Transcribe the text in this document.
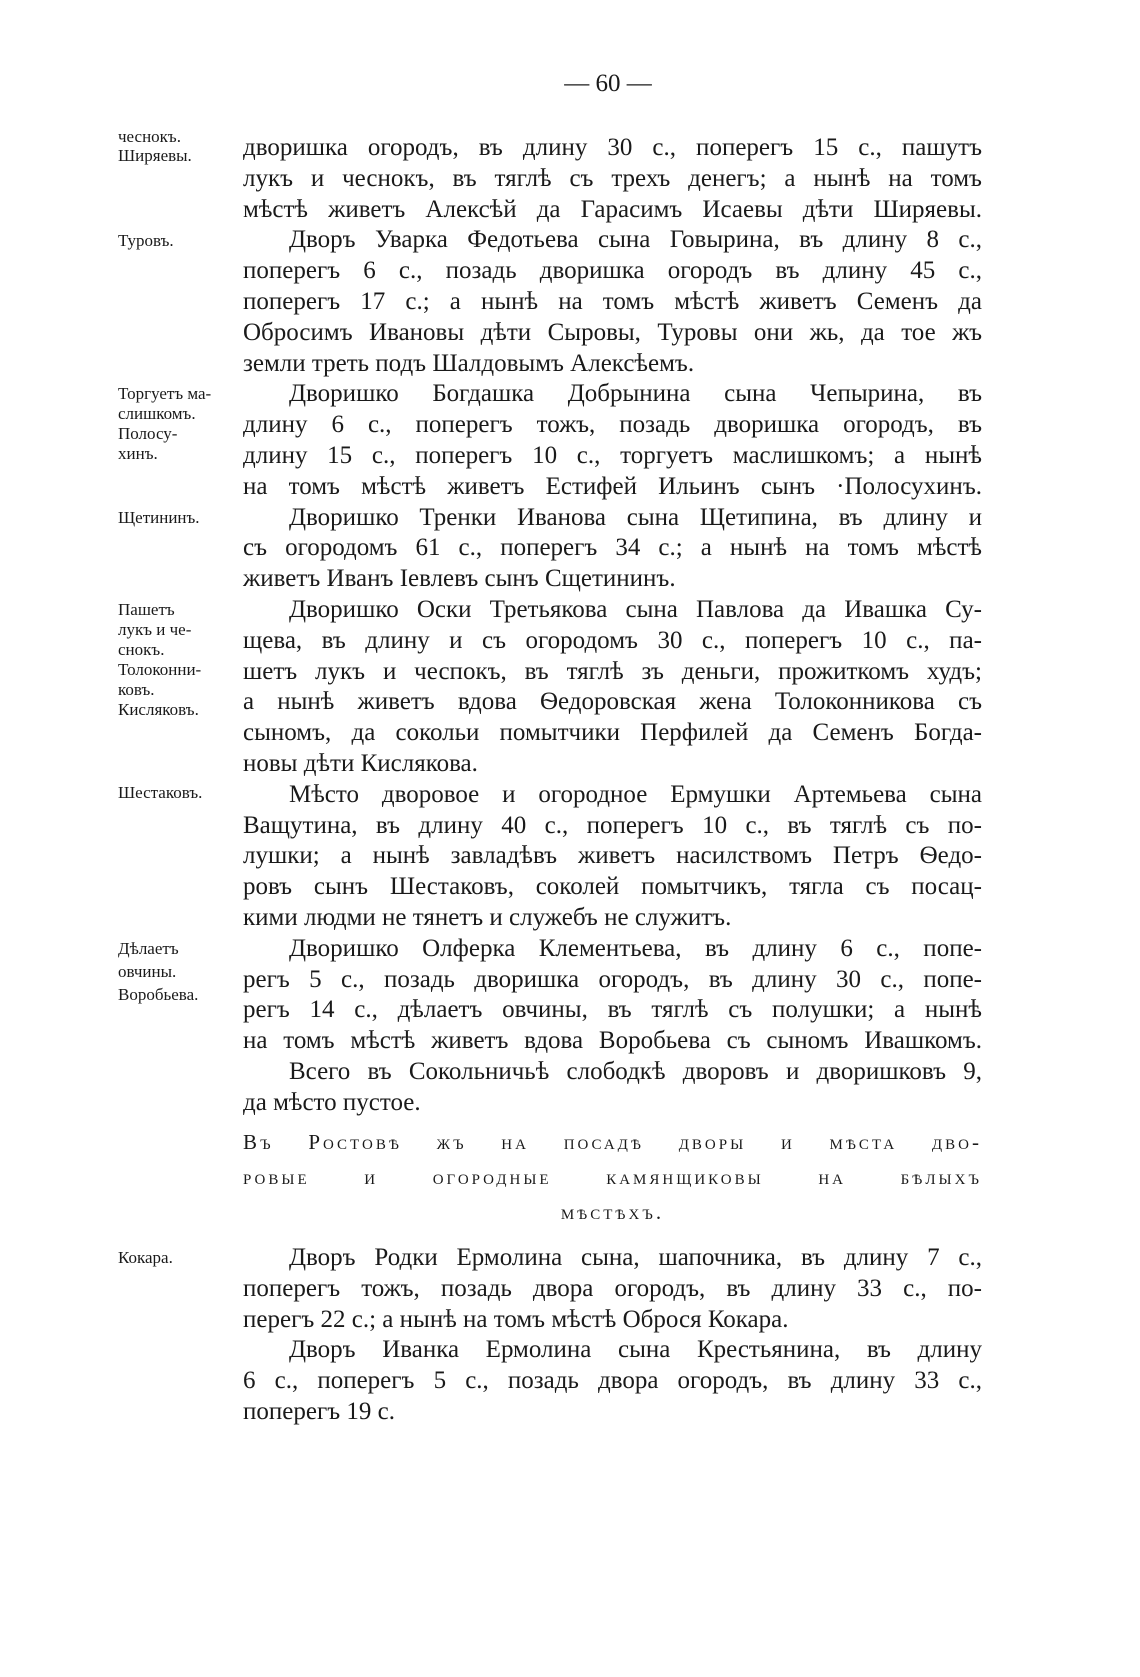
— 60 —
дворишка огородъ, въ длину 30 с., поперегъ 15 с., пашутъ
лукъ и чеснокъ, въ тяглѣ съ трехъ денегъ; а нынѣ на томъ
мѣстѣ живетъ Алексѣй да Гарасимъ Исаевы дѣти Ширяевы.
Дворъ Уварка Федотьева сына Говырина, въ длину 8 с.,
поперегъ 6 с., позадь дворишка огородъ въ длину 45 с.,
поперегъ 17 с.; а нынѣ на томъ мѣстѣ живетъ Семенъ да
Обросимъ Ивановы дѣти Сыровы, Туровы они жь, да тое жъ
земли треть подъ Шалдовымъ Алексѣемъ.
Дворишко Богдашка Добрынина сына Чепырина, въ
длину 6 с., поперегъ тожъ, позадь дворишка огородъ, въ
длину 15 с., поперегъ 10 с., торгуетъ маслишкомъ; а нынѣ
на томъ мѣстѣ живетъ Естифей Ильинъ сынъ ·Полосухинъ.
Дворишко Тренки Иванова сына Щетипина, въ длину и
съ огородомъ 61 с., поперегъ 34 с.; а нынѣ на томъ мѣстѣ
живетъ Иванъ Іевлевъ сынъ Сщетининъ.
Дворишко Оски Третьякова сына Павлова да Ивашка Су-
щева, въ длину и съ огородомъ 30 с., поперегъ 10 с., па-
шетъ лукъ и чеспокъ, въ тяглѣ зъ деньги, прожиткомъ худъ;
а нынѣ живетъ вдова Ѳедоровская жена Толоконникова съ
сыномъ, да сокольи помытчики Перфилей да Семенъ Богда-
новы дѣти Кислякова.
Мѣсто дворовое и огородное Ермушки Артемьева сына
Ващутина, въ длину 40 с., поперегъ 10 с., въ тяглѣ съ по-
лушки; а нынѣ завладѣвъ живетъ насилствомъ Петръ Ѳедо-
ровъ сынъ Шестаковъ, соколей помытчикъ, тягла съ посац-
кими людми не тянетъ и служебъ не служитъ.
Дворишко Олферка Клементьева, въ длину 6 с., попе-
регъ 5 с., позадь дворишка огородъ, въ длину 30 с., попе-
регъ 14 с., дѣлаетъ овчины, въ тяглѣ съ полушки; а нынѣ
на томъ мѣстѣ живетъ вдова Воробьева съ сыномъ Ивашкомъ.
Всего въ Сокольничьѣ слободкѣ дворовъ и дворишковъ 9,
да мѣсто пустое.
Въ Ростовѣ жъ на посадѣ дворы и мѣста дво-
ровые и огородные камянщиковы на бѣлыхъ
мѣстѣхъ.
Дворъ Родки Ермолина сына, шапочника, въ длину 7 с.,
поперегъ тожъ, позадь двора огородъ, въ длину 33 с., по-
перегъ 22 с.; а нынѣ на томъ мѣстѣ Оброся Кокара.
Дворъ Иванка Ермолина сына Крестьянина, въ длину
6 с., поперегъ 5 с., позадь двора огородъ, въ длину 33 с.,
поперегъ 19 с.
чеснокъ.
Ширяевы.
Туровъ.
Торгуетъ ма-
слишкомъ.
Полосу-
хинъ.
Щетининъ.
Пашетъ
лукъ и че-
снокъ.
Толоконни-
ковъ.
Кисляковъ.
Шестаковъ.
Дѣлаетъ
овчины.
Воробьева.
Кокара.
